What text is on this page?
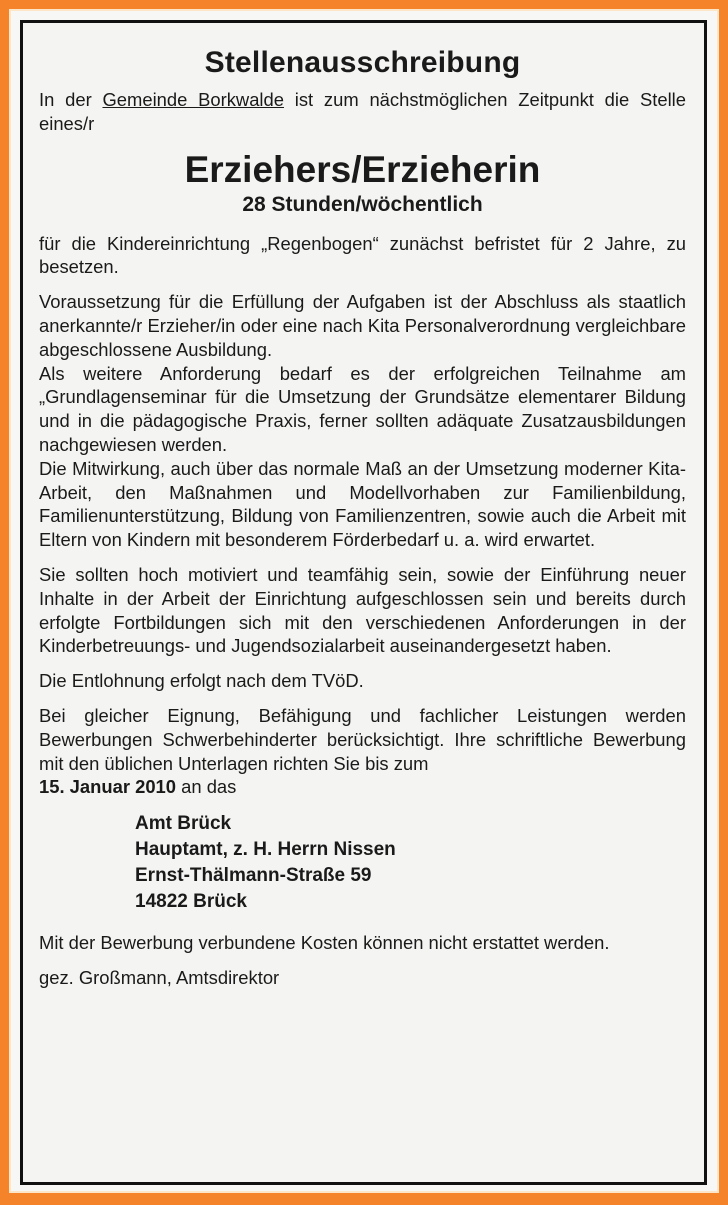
Stellenausschreibung

In der Gemeinde Borkwalde ist zum nächstmöglichen Zeitpunkt die Stelle eines/r

Erziehers/Erzieherin
28 Stunden/wöchentlich

für die Kindereinrichtung „Regenbogen“ zunächst befristet für 2 Jahre, zu besetzen.

Voraussetzung für die Erfüllung der Aufgaben ist der Abschluss als staatlich anerkannte/r Erzieher/in oder eine nach Kita Personalverordnung vergleichbare abgeschlossene Ausbildung.

Als weitere Anforderung bedarf es der erfolgreichen Teilnahme am „Grundlagenseminar für die Umsetzung der Grundsätze elementarer Bildung und in die pädagogische Praxis, ferner sollten adäquate Zusatzausbildungen nachgewiesen werden.

Die Mitwirkung, auch über das normale Maß an der Umsetzung moderner Kita-Arbeit, den Maßnahmen und Modellvorhaben zur Familienbildung, Familienunterstützung, Bildung von Familienzentren, sowie auch die Arbeit mit Eltern von Kindern mit besonderem Förderbedarf u. a. wird erwartet.

Sie sollten hoch motiviert und teamfähig sein, sowie der Einführung neuer Inhalte in der Arbeit der Einrichtung aufgeschlossen sein und bereits durch erfolgte Fortbildungen sich mit den verschiedenen Anforderungen in der Kinderbetreuungs- und Jugendsozialarbeit auseinandergesetzt haben.

Die Entlohnung erfolgt nach dem TVöD.

Bei gleicher Eignung, Befähigung und fachlicher Leistungen werden Bewerbungen Schwerbehinderter berücksichtigt. Ihre schriftliche Bewerbung mit den üblichen Unterlagen richten Sie bis zum
15. Januar 2010 an das

Amt Brück
Hauptamt, z. H. Herrn Nissen
Ernst-Thälmann-Straße 59
14822 Brück

Mit der Bewerbung verbundene Kosten können nicht erstattet werden.

gez. Großmann, Amtsdirektor
